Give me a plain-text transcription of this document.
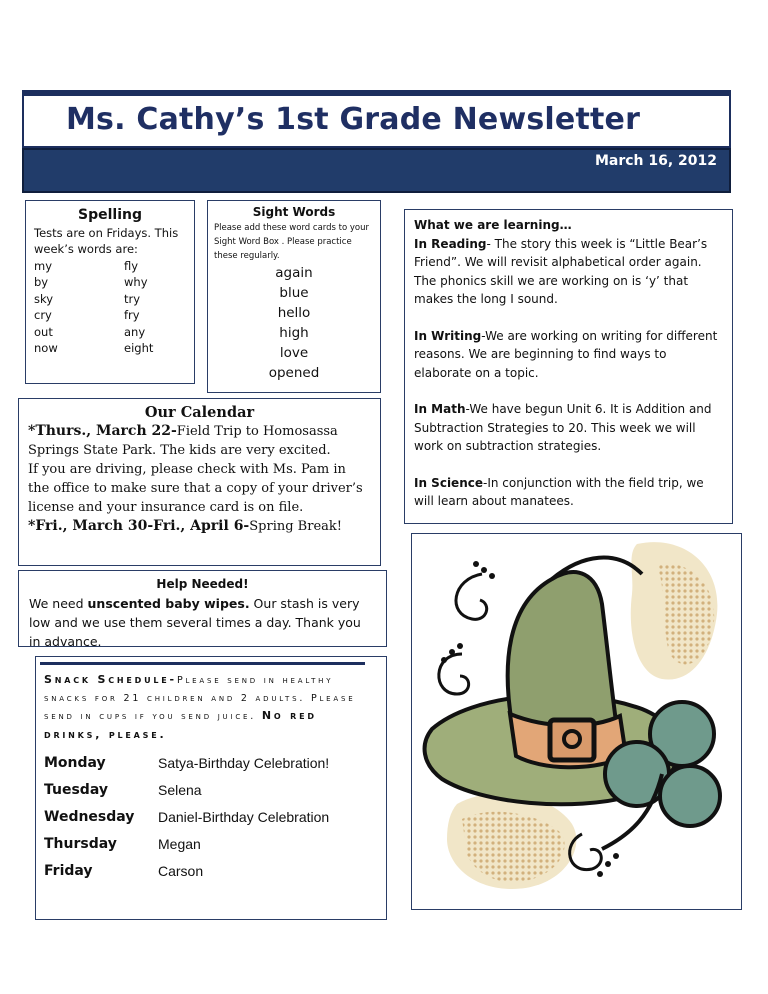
Ms. Cathy’s 1st Grade Newsletter
March 16, 2012
Spelling
Tests are on Fridays. This week’s words are:
my	fly
by	why
sky	try
cry	fry
out	any
now	eight
Sight Words
Please add these word cards to your Sight Word Box . Please practice these regularly.
again
blue
hello
high
love
opened
What we are learning…

In Reading- The story this week is “Little Bear’s Friend”. We will revisit alphabetical order again. The phonics skill we are working on is ‘y’ that makes the long I sound.

In Writing-We are working on writing for different reasons. We are beginning to find ways to elaborate on a topic.

In Math-We have begun Unit 6. It is Addition and Subtraction Strategies to 20. This week we will work on subtraction strategies.

In Science-In conjunction with the field trip, we will learn about manatees.

Our Calendar
*Thurs., March 22-Field Trip to Homosassa Springs State Park. The kids are very excited.
If you are driving, please check with Ms. Pam in the office to make sure that a copy of your driver’s license and your insurance card is on file.
*Fri., March 30-Fri., April 6-Spring Break!
Help Needed!
We need unscented baby wipes. Our stash is very low and we use them several times a day. Thank you in advance.
Snack Schedule-Please send in healthy snacks for 21 children and 2 adults. Please send in cups if you send juice. No red drinks, please.
Monday	Satya-Birthday Celebration!
Tuesday	Selena
Wednesday	Daniel-Birthday Celebration
Thursday	Megan
Friday	Carson
